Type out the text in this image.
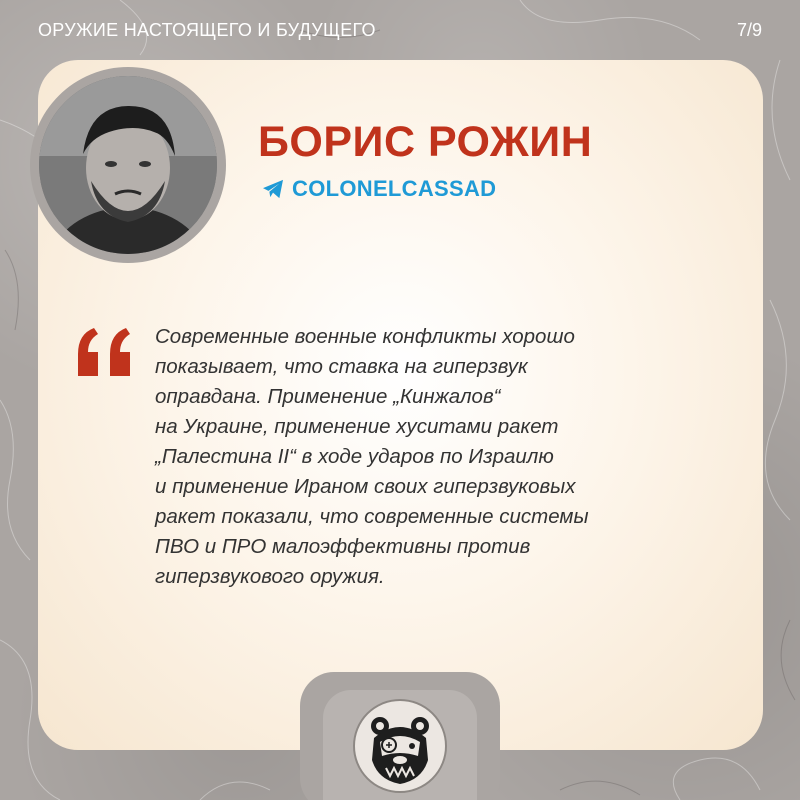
ОРУЖИЕ НАСТОЯЩЕГО И БУДУЩЕГО	7/9
БОРИС РОЖИН
COLONELCASSAD

Современные военные конфликты хорошо
показывает, что ставка на гиперзвук
оправдана. Применение „Кинжалов“
на Украине, применение хуситами ракет
„Палестина II“ в ходе ударов по Израилю
и применение Ираном своих гиперзвуковых
ракет показали, что современные системы
ПВО и ПРО малоэффективны против
гиперзвукового оружия.
